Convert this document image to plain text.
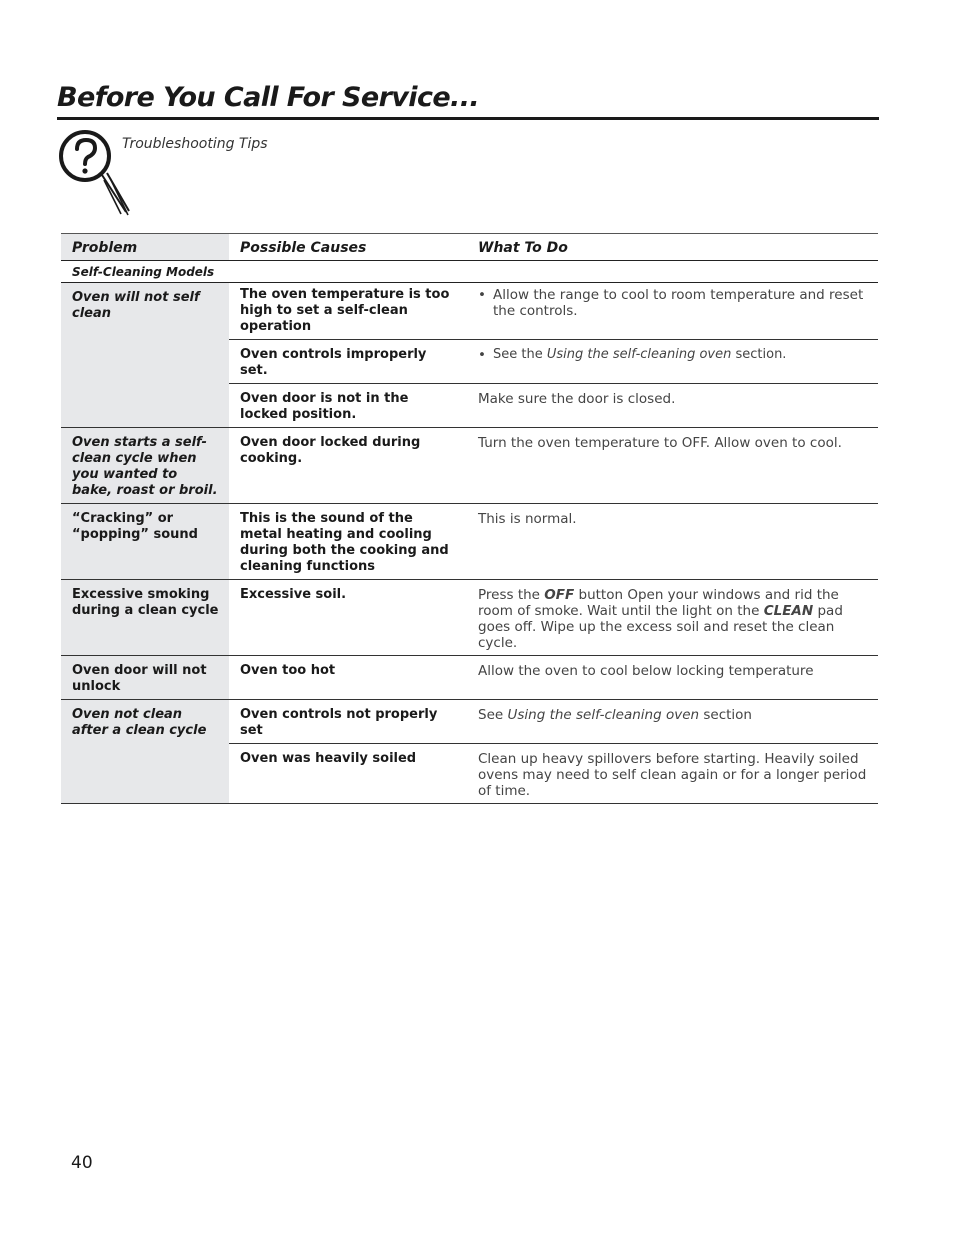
Before You Call For Service...
Troubleshooting Tips
Problem	Possible Causes	What To Do
Self-Cleaning Models		
Oven will not self clean	The oven temperature is too high to set a self-clean operation	• Allow the range to cool to room temperature and reset the controls.

	Oven controls improperly set.	• See the Using the self-cleaning oven section.

	Oven door is not in the locked position.	Make sure the door is closed.
Oven starts a self-clean cycle when you wanted to bake, roast or broil.	Oven door locked during cooking.	Turn the oven temperature to OFF. Allow oven to cool.
“Cracking” or “popping” sound	This is the sound of the metal heating and cooling during both the cooking and cleaning functions	This is normal.
Excessive smoking during a clean cycle	Excessive soil.	Press the OFF button Open your windows and rid the room of smoke. Wait until the light on the CLEAN pad goes off. Wipe up the excess soil and reset the clean cycle.
Oven door will not unlock	Oven too hot	Allow the oven to cool below locking temperature
Oven not clean after a clean cycle	Oven controls not properly set	See Using the self-cleaning oven section
	Oven was heavily soiled	Clean up heavy spillovers before starting. Heavily soiled ovens may need to self clean again or for a longer period of time.
40
